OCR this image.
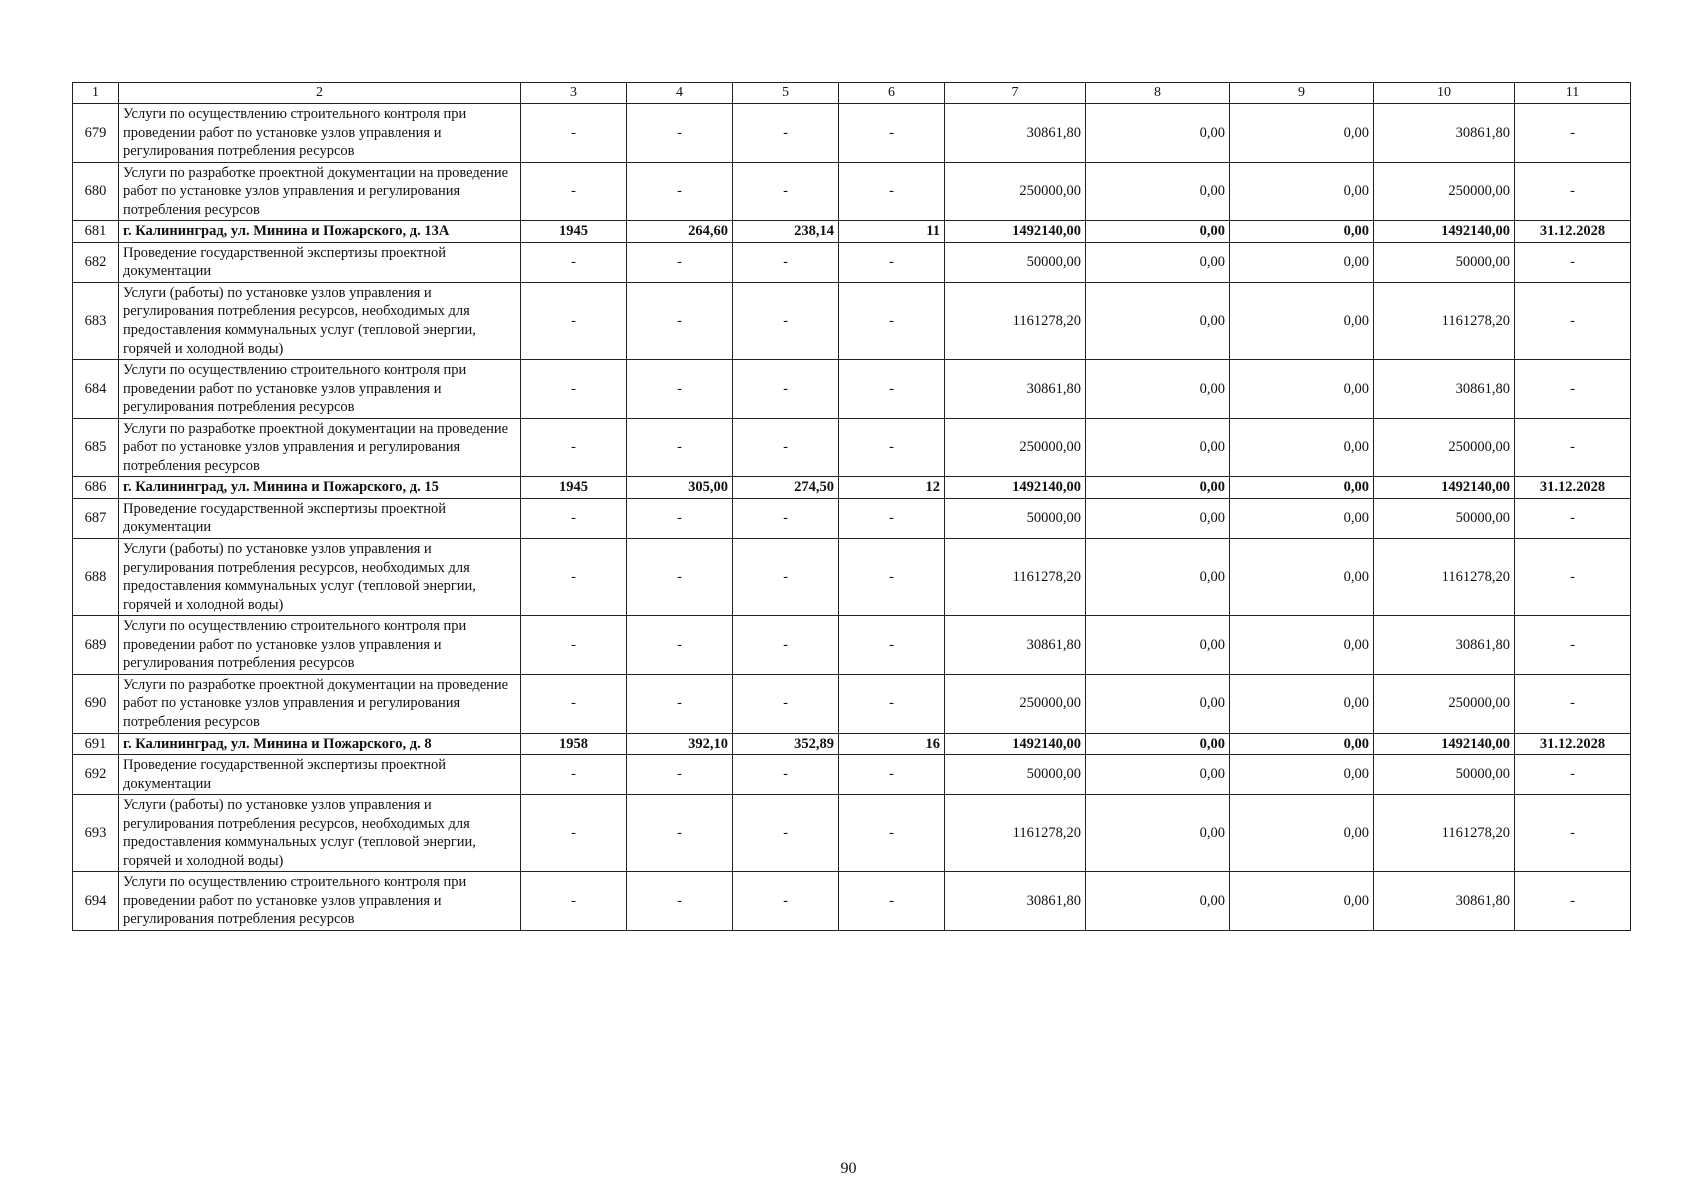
1	2	3	4	5	6	7	8	9	10	11
679	Услуги по осуществлению строительного контроля при проведении работ по установке узлов управления и регулирования потребления ресурсов	-	-	-	-	30861,80	0,00	0,00	30861,80	-
680	Услуги по разработке проектной документации на проведение работ по установке узлов управления и регулирования потребления ресурсов	-	-	-	-	250000,00	0,00	0,00	250000,00	-
681	г. Калининград, ул. Минина и Пожарского, д. 13А	1945	264,60	238,14	11	1492140,00	0,00	0,00	1492140,00	31.12.2028
682	Проведение государственной экспертизы проектной документации	-	-	-	-	50000,00	0,00	0,00	50000,00	-
683	Услуги (работы) по установке узлов управления и регулирования потребления ресурсов, необходимых для предоставления коммунальных услуг (тепловой энергии, горячей и холодной воды)	-	-	-	-	1161278,20	0,00	0,00	1161278,20	-
684	Услуги по осуществлению строительного контроля при проведении работ по установке узлов управления и регулирования потребления ресурсов	-	-	-	-	30861,80	0,00	0,00	30861,80	-
685	Услуги по разработке проектной документации на проведение работ по установке узлов управления и регулирования потребления ресурсов	-	-	-	-	250000,00	0,00	0,00	250000,00	-
686	г. Калининград, ул. Минина и Пожарского, д. 15	1945	305,00	274,50	12	1492140,00	0,00	0,00	1492140,00	31.12.2028
687	Проведение государственной экспертизы проектной документации	-	-	-	-	50000,00	0,00	0,00	50000,00	-
688	Услуги (работы) по установке узлов управления и регулирования потребления ресурсов, необходимых для предоставления коммунальных услуг (тепловой энергии, горячей и холодной воды)	-	-	-	-	1161278,20	0,00	0,00	1161278,20	-
689	Услуги по осуществлению строительного контроля при проведении работ по установке узлов управления и регулирования потребления ресурсов	-	-	-	-	30861,80	0,00	0,00	30861,80	-
690	Услуги по разработке проектной документации на проведение работ по установке узлов управления и регулирования потребления ресурсов	-	-	-	-	250000,00	0,00	0,00	250000,00	-
691	г. Калининград, ул. Минина и Пожарского, д. 8	1958	392,10	352,89	16	1492140,00	0,00	0,00	1492140,00	31.12.2028
692	Проведение государственной экспертизы проектной документации	-	-	-	-	50000,00	0,00	0,00	50000,00	-
693	Услуги (работы) по установке узлов управления и регулирования потребления ресурсов, необходимых для предоставления коммунальных услуг (тепловой энергии, горячей и холодной воды)	-	-	-	-	1161278,20	0,00	0,00	1161278,20	-
694	Услуги по осуществлению строительного контроля при проведении работ по установке узлов управления и регулирования потребления ресурсов	-	-	-	-	30861,80	0,00	0,00	30861,80	-
90
